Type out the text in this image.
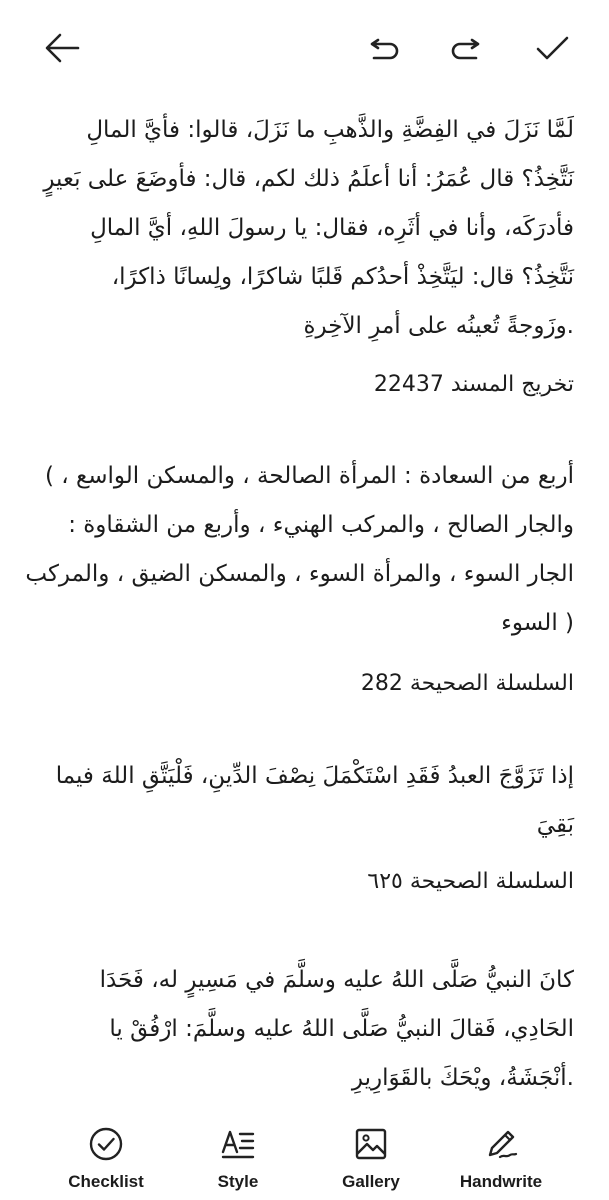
لَمَّا نَزَلَ في الفِضَّةِ والذَّهبِ ما نَزَلَ، قالوا: فأيَّ المالِ
نَتَّخِذُ؟ قال عُمَرُ: أنا أعلَمُ ذلك لكم، قال: فأوضَعَ على بَعيرٍ
فأدرَكَه، وأنا في أثَرِه، فقال: يا رسولَ اللهِ، أيَّ المالِ
نَتَّخِذُ؟ قال: ليَتَّخِذْ أحدُكم قَلبًا شاكرًا، ولِسانًا ذاكرًا،
.وزَوجةً تُعينُه على أمرِ الآخِرةِ
تخريج المسند 22437
أربع من السعادة : المرأة الصالحة ، والمسكن الواسع ، )
والجار الصالح ، والمركب الهنيء ، وأربع من الشقاوة :
الجار السوء ، والمرأة السوء ، والمسكن الضيق ، والمركب
( السوء
السلسلة الصحيحة 282
إذا تَزَوَّجَ العبدُ فَقَدِ اسْتَكْمَلَ نِصْفَ الدِّينِ، فَلْيَتَّقِ اللهَ فيما
بَقِيَ
السلسلة الصحيحة ٦٢٥
كانَ النبيُّ صَلَّى اللهُ عليه وسلَّمَ في مَسِيرٍ له، فَحَدَا
الحَادِي، فَقالَ النبيُّ صَلَّى اللهُ عليه وسلَّمَ: ارْفُقْ يا
.أنْجَشَةُ، ويْحَكَ بالقَوَارِيرِ
Checklist	Style	Gallery	Handwrite
